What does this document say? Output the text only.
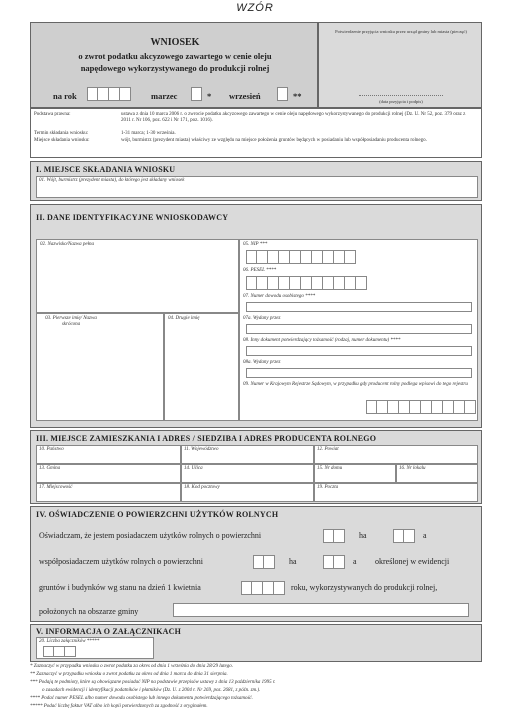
WZÓR
WNIOSEK
o zwrot podatku akcyzowego zawartego w cenie oleju
napędowego wykorzystywanego do produkcji rolnej
na rok	marzec	* wrzesień	**
Potwierdzenie przyjęcia wniosku przez urząd gminy lub miasta (pieczęć)
(data przyjęcia i podpis)
Podstawa prawna:	ustawa z dnia 10 marca 2006 r. o zwrocie podatku akcyzowego zawartego w cenie oleju napędowego wykorzystywanego do produkcji rolnej (Dz. U. Nr 52, poz. 379 oraz z 2011 r. Nr 106, poz. 622 i Nr 171, poz. 1016).
Termin składania wniosku:	1-31 marca; 1-30 września.
Miejsce składania wniosku:	wójt, burmistrz (prezydent miasta) właściwy ze względu na miejsce położenia gruntów będących w posiadaniu lub współposiadaniu producenta rolnego.
I. MIEJSCE SKŁADANIA WNIOSKU
01. Wójt, burmistrz (prezydent miasta), do którego jest składany wniosek
II. DANE IDENTYFIKACYJNE WNIOSKODAWCY
02. Nazwisko/Nazwa pełna
03. Pierwsze imię/ Nazwa skrócona
04. Drugie imię
05. NIP ***
06. PESEL ****
07. Numer dowodu osobistego ****
07a. Wydany przez
08. Inny dokument potwierdzający tożsamość (rodzaj, numer dokumentu) ****
08a. Wydany przez
09. Numer w Krajowym Rejestrze Sądowym, w przypadku gdy producent rolny podlega wpisowi do tego rejestru
III. MIEJSCE ZAMIESZKANIA I ADRES / SIEDZIBA I ADRES PRODUCENTA ROLNEGO
10. Państwo	11. Województwo	12. Powiat
13. Gmina	14. Ulica	15. Nr domu	16. Nr lokalu
17. Miejscowość	18. Kod pocztowy	19. Poczta
IV. OŚWIADCZENIE O POWIERZCHNI UŻYTKÓW ROLNYCH
Oświadczam, że jestem posiadaczem użytków rolnych o powierzchni	ha	a
współposiadaczem użytków rolnych o powierzchni	ha	a określonej w ewidencji
gruntów i budynków wg stanu na dzień 1 kwietnia	roku, wykorzystywanych do produkcji rolnej,
położonych na obszarze gminy
V. INFORMACJA O ZAŁĄCZNIKACH
20. Liczba załączników *****
* Zaznaczyć w przypadku wniosku o zwrot podatku za okres od dnia 1 września do dnia 28/29 lutego.
** Zaznaczyć w przypadku wniosku o zwrot podatku za okres od dnia 1 marca do dnia 31 sierpnia.
*** Podają te podmioty, które są obowiązane posiadać NIP na podstawie przepisów ustawy z dnia 13 października 1995 r.
o zasadach ewidencji i identyfikacji podatników i płatników (Dz. U. z 2004 r. Nr 269, poz. 2681, z późn. zm.).
**** Podać numer PESEL albo numer dowodu osobistego lub innego dokumentu potwierdzającego tożsamość.
***** Podać liczbę faktur VAT albo ich kopii potwierdzonych za zgodność z oryginałem.
